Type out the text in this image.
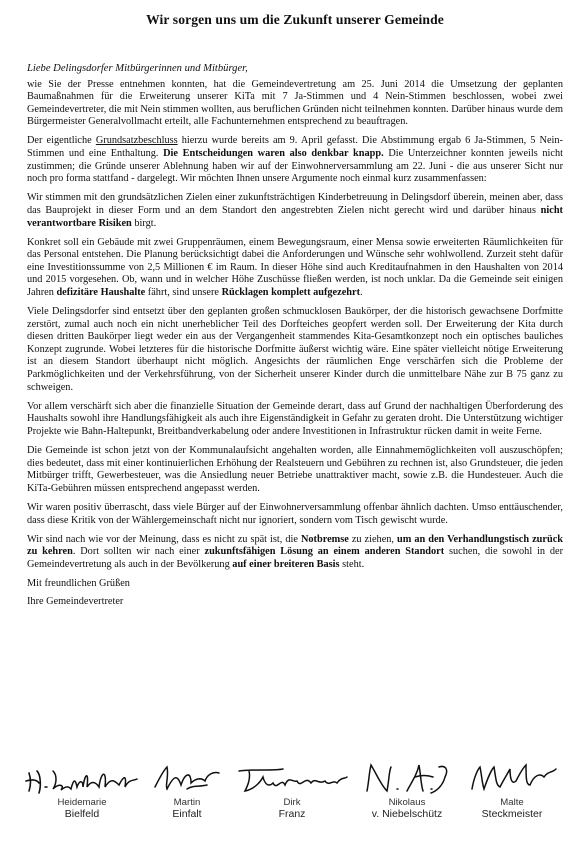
Wir sorgen uns um die Zukunft unserer Gemeinde

Liebe Delingsdorfer Mitbürgerinnen und Mitbürger,

wie Sie der Presse entnehmen konnten, hat die Gemeindevertretung am 25. Juni 2014 die Umsetzung der geplanten Baumaßnahmen für die Erweiterung unserer KiTa mit 7 Ja-Stimmen und 4 Nein-Stimmen beschlossen, wobei zwei Gemeindevertreter, die mit Nein stimmen wollten, aus beruflichen Gründen nicht teilnehmen konnten. Darüber hinaus wurde dem Bürgermeister Generalvollmacht erteilt, alle Fachunternehmen entsprechend zu beauftragen.

Der eigentliche Grundsatzbeschluss hierzu wurde bereits am 9. April gefasst. Die Abstimmung ergab 6 Ja-Stimmen, 5 Nein-Stimmen und eine Enthaltung. Die Entscheidungen waren also denkbar knapp. Die Unterzeichner konnten jeweils nicht zustimmen; die Gründe unserer Ablehnung haben wir auf der Einwohnerversammlung am 22. Juni - die aus unserer Sicht nur noch pro forma stattfand - dargelegt. Wir möchten Ihnen unsere Argumente noch einmal kurz zusammenfassen:

Wir stimmen mit den grundsätzlichen Zielen einer zukunftsträchtigen Kinderbetreuung in Delingsdorf überein, meinen aber, dass das Bauprojekt in dieser Form und an dem Standort den angestrebten Zielen nicht gerecht wird und darüber hinaus nicht verantwortbare Risiken birgt.

Konkret soll ein Gebäude mit zwei Gruppenräumen, einem Bewegungsraum, einer Mensa sowie erweiterten Räumlichkeiten für das Personal entstehen. Die Planung berücksichtigt dabei die Anforderungen und Wünsche sehr wohlwollend. Zurzeit steht dafür eine Investitionssumme von 2,5 Millionen € im Raum. In dieser Höhe sind auch Kreditaufnahmen in den Haushalten von 2014 und 2015 vorgesehen. Ob, wann und in welcher Höhe Zuschüsse fließen werden, ist noch unklar. Da die Gemeinde seit einigen Jahren defizitäre Haushalte fährt, sind unsere Rücklagen komplett aufgezehrt.

Viele Delingsdorfer sind entsetzt über den geplanten großen schmucklosen Baukörper, der die historisch gewachsene Dorfmitte zerstört, zumal auch noch ein nicht unerheblicher Teil des Dorfteiches geopfert werden soll. Der Erweiterung der Kita durch diesen dritten Baukörper liegt weder ein aus der Vergangenheit stammendes Kita-Gesamtkonzept noch ein optisches bauliches Konzept zugrunde. Wobei letzteres für die historische Dorfmitte äußerst wichtig wäre. Eine später vielleicht nötige Erweiterung ist an diesem Standort überhaupt nicht möglich. Angesichts der räumlichen Enge verschärfen sich die Probleme der Parkmöglichkeiten und der Verkehrsführung, von der Sicherheit unserer Kinder durch die unmittelbare Nähe zur B 75 ganz zu schweigen.

Vor allem verschärft sich aber die finanzielle Situation der Gemeinde derart, dass auf Grund der nachhaltigen Überforderung des Haushalts sowohl ihre Handlungsfähigkeit als auch ihre Eigenständigkeit in Gefahr zu geraten droht. Die Unterstützung wichtiger Projekte wie Bahn-Haltepunkt, Breitbandverkabelung oder andere Investitionen in Infrastruktur rücken damit in weite Ferne.

Die Gemeinde ist schon jetzt von der Kommunalaufsicht angehalten worden, alle Einnahmemöglichkeiten voll auszuschöpfen; dies bedeutet, dass mit einer kontinuierlichen Erhöhung der Realsteuern und Gebühren zu rechnen ist, also Grundsteuer, die jeden Mitbürger trifft, Gewerbesteuer, was die Ansiedlung neuer Betriebe unattraktiver macht, sowie z.B. die Hundesteuer. Auch die KiTa-Gebühren müssen entsprechend angepasst werden.

Wir waren positiv überrascht, dass viele Bürger auf der Einwohnerversammlung offenbar ähnlich dachten. Umso enttäuschender, dass diese Kritik von der Wählergemeinschaft nicht nur ignoriert, sondern vom Tisch gewischt wurde.

Wir sind nach wie vor der Meinung, dass es nicht zu spät ist, die Notbremse zu ziehen, um an den Verhandlungstisch zurück zu kehren. Dort sollten wir nach einer zukunftsfähigen Lösung an einem anderen Standort suchen, die sowohl in der Gemeindevertretung als auch in der Bevölkerung auf einer breiteren Basis steht.

Mit freundlichen Grüßen

Ihre Gemeindevertreter

Heidemarie
Bielfeld
Martin
Einfalt
Dirk
Franz
Nikolaus
v. Niebelschütz
Malte
Steckmeister
